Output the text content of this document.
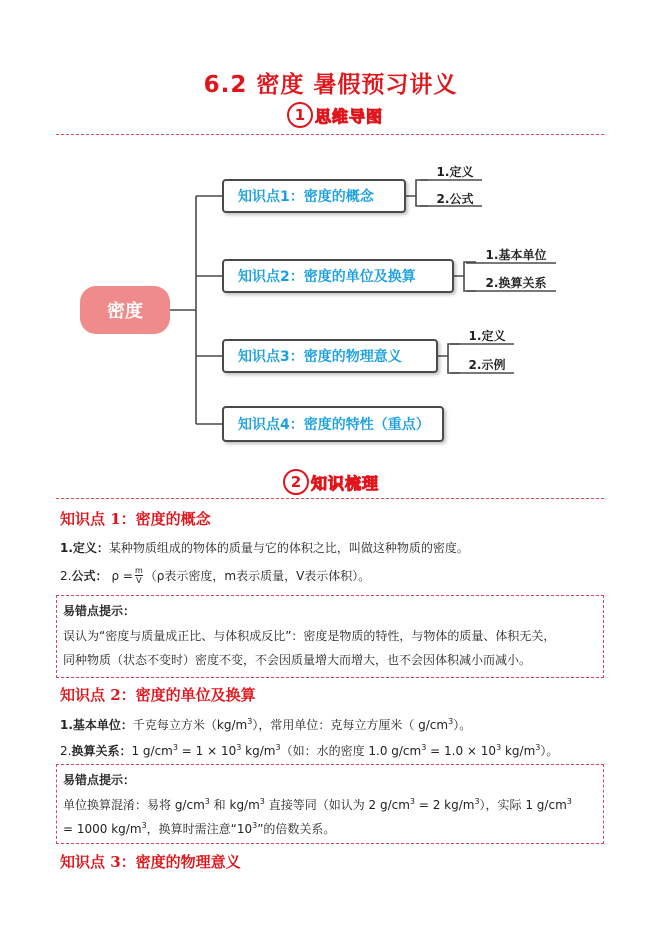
6.2 密度 暑假预习讲义
1 思维导图
密度
知识点1：密度的概念
知识点2：密度的单位及换算
知识点3：密度的物理意义
知识点4：密度的特性（重点）
1.定义
2.公式
1.基本单位
2.换算关系
1.定义
2.示例
2 知识梳理
知识点 1：密度的概念
1.定义：某种物质组成的物体的质量与它的体积之比，叫做这种物质的密度。
2. 公式： $\rho = \frac{m}{V} (\rho$表示密度，m表示质量，V表示体积）。
易错点提示：
误认为“密度与质量成正比、与体积成反比”：密度是物质的特性，与物体的质量、体积无关，
同种物质（状态不变时）密度不变，不会因质量增大而增大，也不会因体积减小而减小。
知识点 2：密度的单位及换算
1.基本单位：千克每立方米$(kg/m^3)$，常用单位：克每立方厘米（ $g/cm^3$）。
2.换算关系：1 $g/cm^3 = 1 \times 10^3$ $kg/m^3$（如：水的密度 1.0 $g/cm^3 = 1.0 \times 10^3$ $kg/m^3$）。
易错点提示：
单位换算混淆：易将 $g/cm^3$ 和 $kg/m^3$ 直接等同（如认为 2 $g/cm^3 = 2$ $kg/m^3$），实际 1 $g/cm^3$
= 1000 $kg/m^3$，换算时需注意“$10^3$”的倍数关系。
知识点 3：密度的物理意义
